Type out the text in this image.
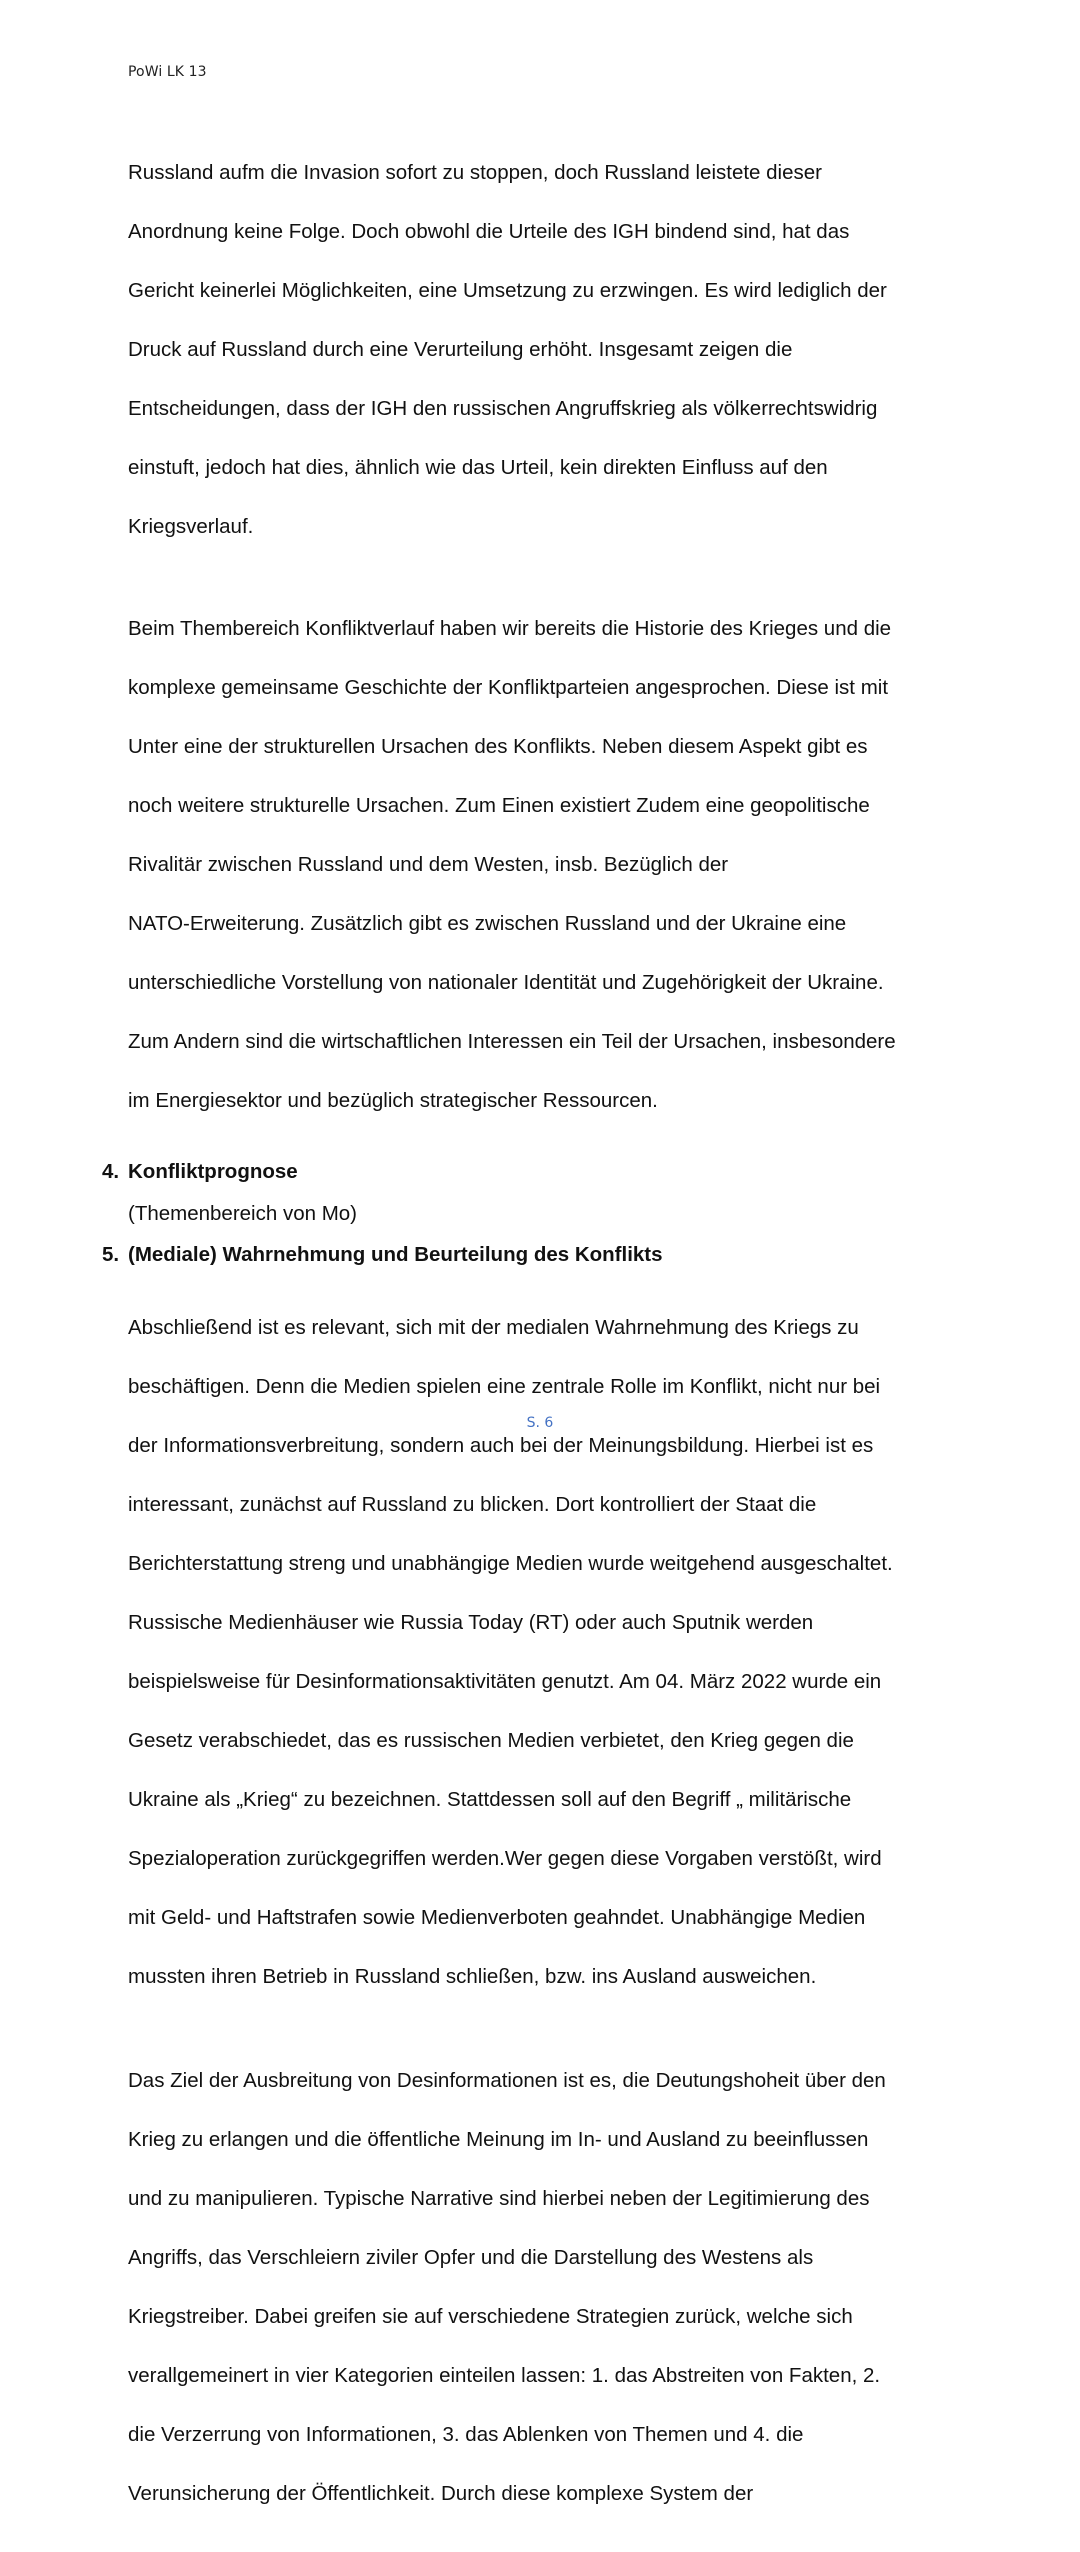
PoWi LK 13

Russland aufm die Invasion sofort zu stoppen, doch Russland leistete dieser

Anordnung keine Folge. Doch obwohl die Urteile des IGH bindend sind, hat das

Gericht keinerlei Möglichkeiten, eine Umsetzung zu erzwingen. Es wird lediglich der

Druck auf Russland durch eine Verurteilung erhöht. Insgesamt zeigen die

Entscheidungen, dass der IGH den russischen Angruffskrieg als völkerrechtswidrig

einstuft, jedoch hat dies, ähnlich wie das Urteil, kein direkten Einfluss auf den

Kriegsverlauf.

Beim Thembereich Konfliktverlauf haben wir bereits die Historie des Krieges und die

komplexe gemeinsame Geschichte der Konfliktparteien angesprochen. Diese ist mit

Unter eine der strukturellen Ursachen des Konflikts. Neben diesem Aspekt gibt es

noch weitere strukturelle Ursachen. Zum Einen existiert Zudem eine geopolitische

Rivalitär zwischen Russland und dem Westen, insb. Bezüglich der

NATO-Erweiterung. Zusätzlich gibt es zwischen Russland und der Ukraine eine

unterschiedliche Vorstellung von nationaler Identität und Zugehörigkeit der Ukraine.

Zum Andern sind die wirtschaftlichen Interessen ein Teil der Ursachen, insbesondere

im Energiesektor und bezüglich strategischer Ressourcen.

4. Konfliktprognose
(Themenbereich von Mo)
5. (Mediale) Wahrnehmung und Beurteilung des Konflikts

Abschließend ist es relevant, sich mit der medialen Wahrnehmung des Kriegs zu

beschäftigen. Denn die Medien spielen eine zentrale Rolle im Konflikt, nicht nur bei

der Informationsverbreitung, sondern auch bei der Meinungsbildung. Hierbei ist es

interessant, zunächst auf Russland zu blicken. Dort kontrolliert der Staat die

Berichterstattung streng und unabhängige Medien wurde weitgehend ausgeschaltet.

Russische Medienhäuser wie Russia Today (RT) oder auch Sputnik werden

beispielsweise für Desinformationsaktivitäten genutzt. Am 04. März 2022 wurde ein

Gesetz verabschiedet, das es russischen Medien verbietet, den Krieg gegen die

Ukraine als „Krieg“ zu bezeichnen. Stattdessen soll auf den Begriff „ militärische

Spezialoperation zurückgegriffen werden.Wer gegen diese Vorgaben verstößt, wird

mit Geld- und Haftstrafen sowie Medienverboten geahndet. Unabhängige Medien

mussten ihren Betrieb in Russland schließen, bzw. ins Ausland ausweichen.

Das Ziel der Ausbreitung von Desinformationen ist es, die Deutungshoheit über den

Krieg zu erlangen und die öffentliche Meinung im In- und Ausland zu beeinflussen

und zu manipulieren. Typische Narrative sind hierbei neben der Legitimierung des

Angriffs, das Verschleiern ziviler Opfer und die Darstellung des Westens als

Kriegstreiber. Dabei greifen sie auf verschiedene Strategien zurück, welche sich

verallgemeinert in vier Kategorien einteilen lassen: 1. das Abstreiten von Fakten, 2.

die Verzerrung von Informationen, 3. das Ablenken von Themen und 4. die

Verunsicherung der Öffentlichkeit. Durch diese komplexe System der

S. 6
